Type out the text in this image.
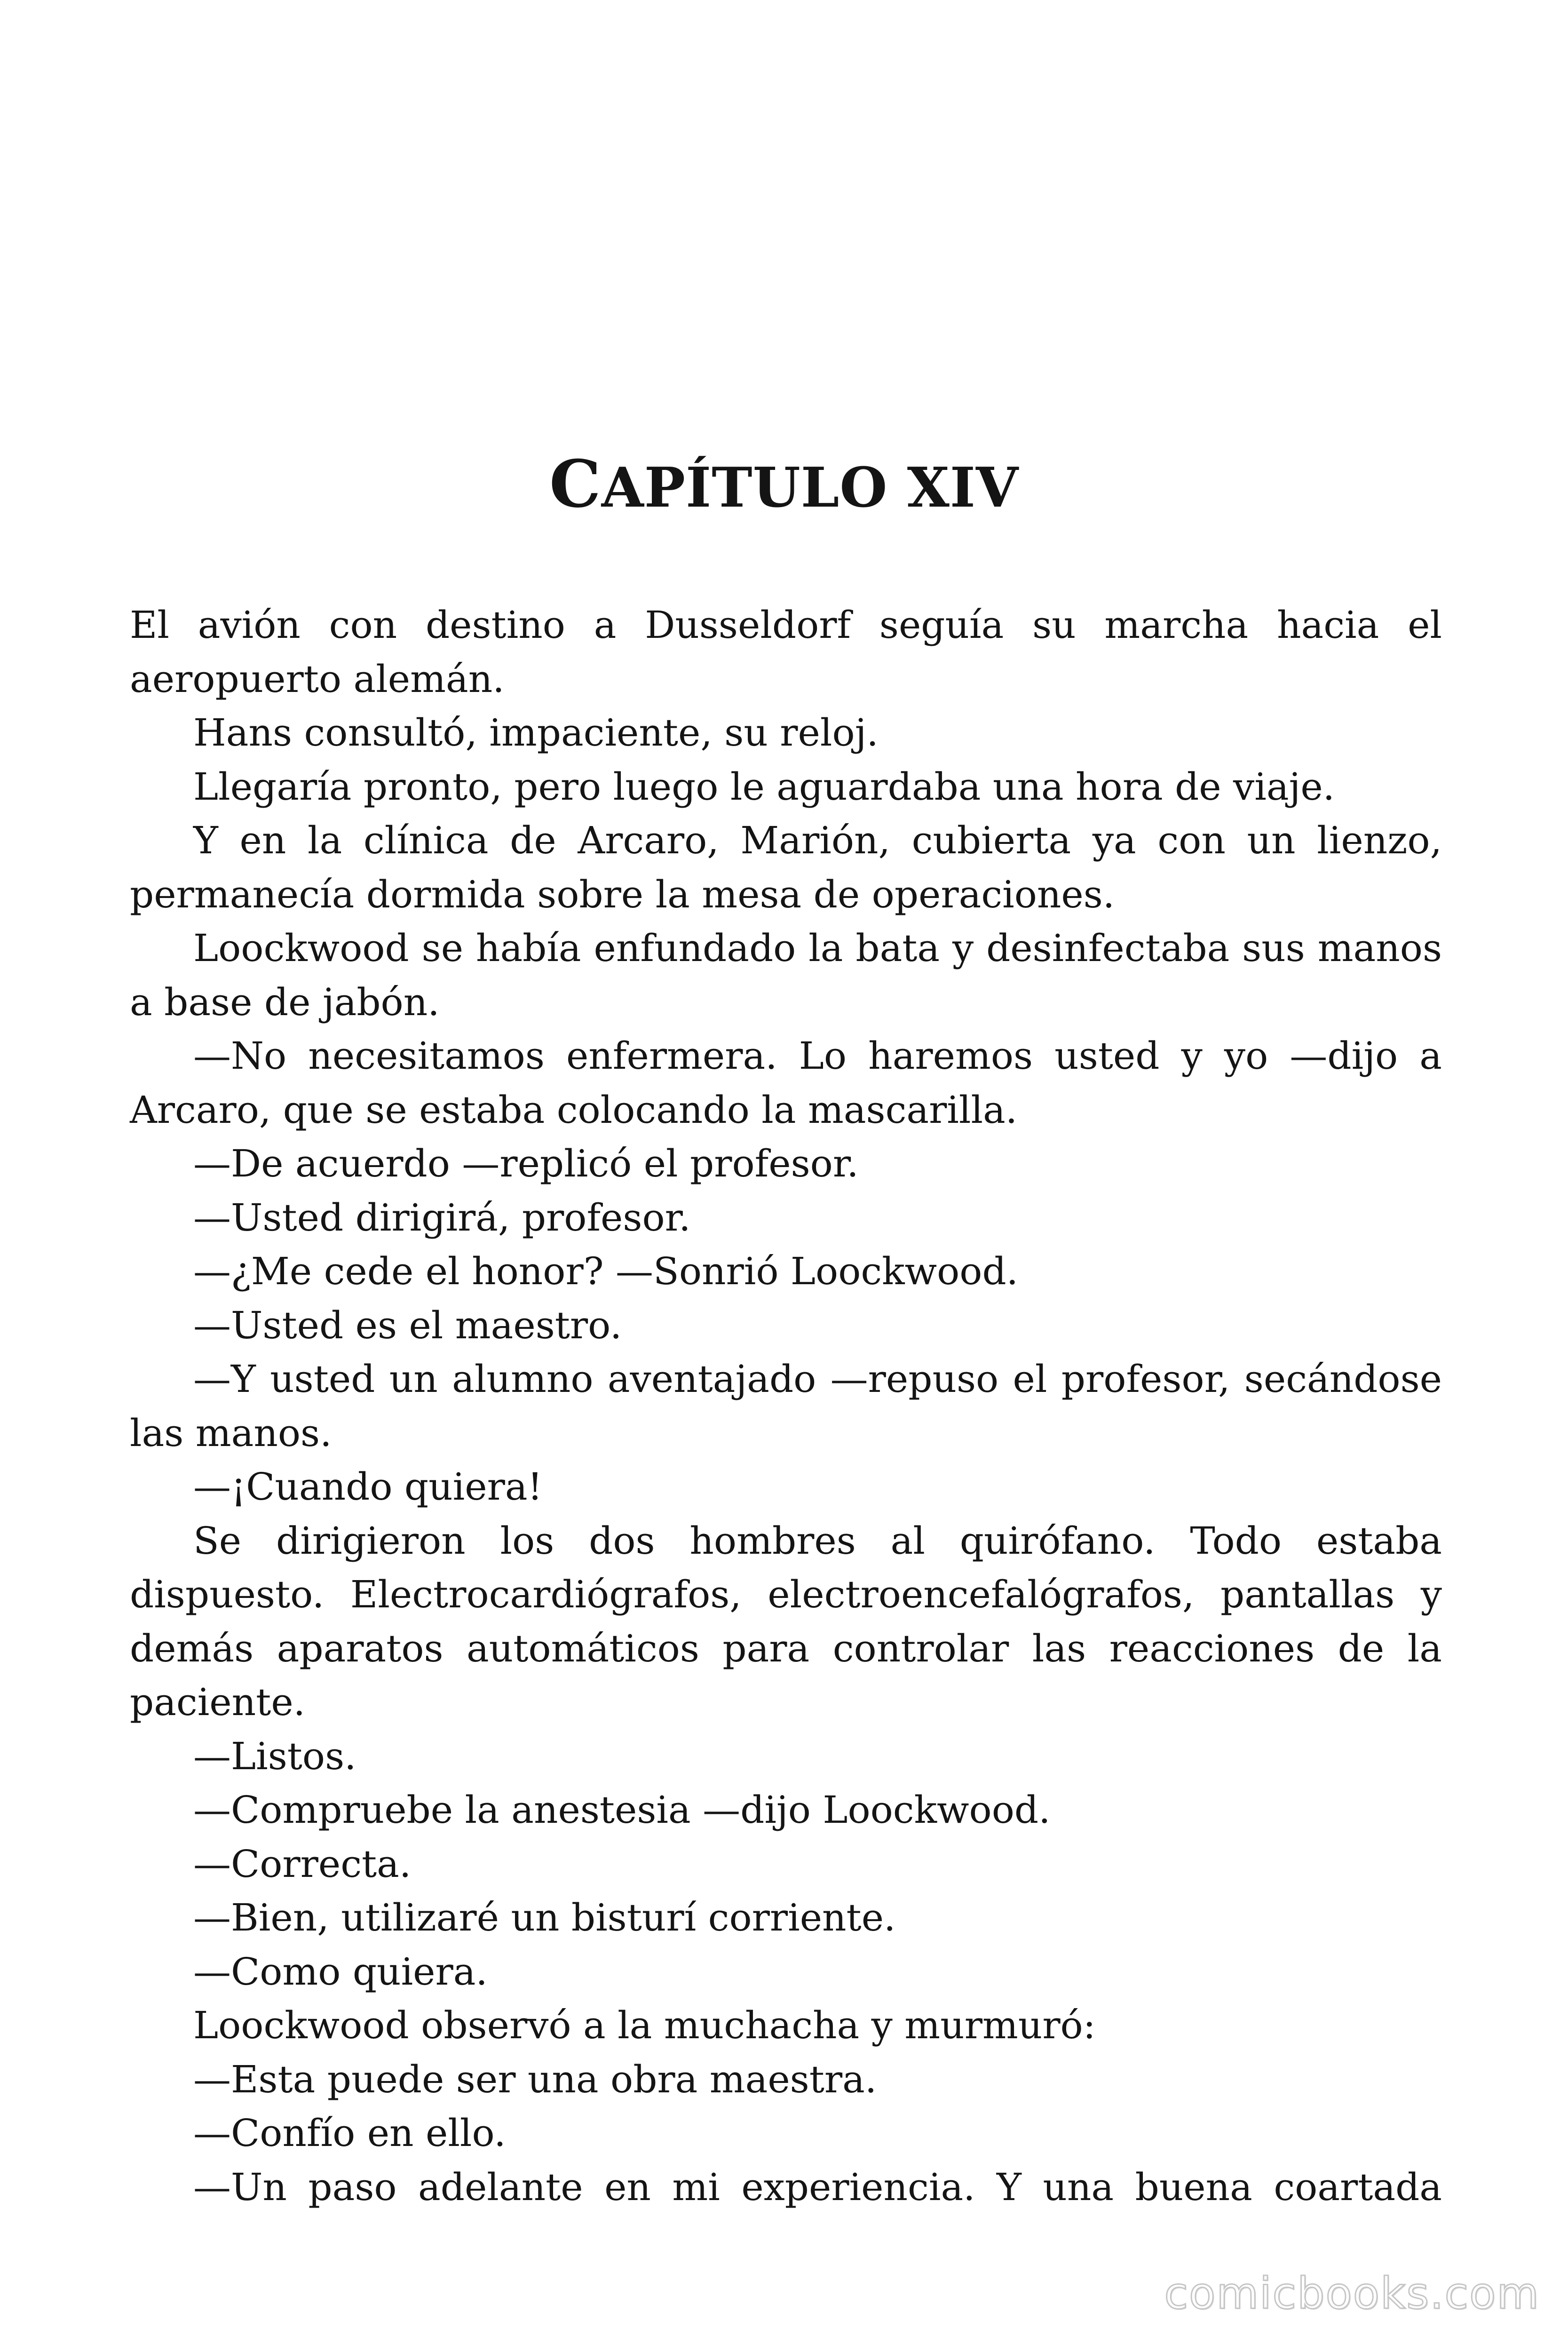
CAPÍTULO XIV

El avión con destino a Dusseldorf seguía su marcha hacia el aeropuerto alemán.

Hans consultó, impaciente, su reloj.

Llegaría pronto, pero luego le aguardaba una hora de viaje.

Y en la clínica de Arcaro, Marión, cubierta ya con un lienzo, permanecía dormida sobre la mesa de operaciones.

Loockwood se había enfundado la bata y desinfectaba sus manos a base de jabón.

—No necesitamos enfermera. Lo haremos usted y yo —dijo a Arcaro, que se estaba colocando la mascarilla.

—De acuerdo —replicó el profesor.

—Usted dirigirá, profesor.

—¿Me cede el honor? —Sonrió Loockwood.

—Usted es el maestro.

—Y usted un alumno aventajado —repuso el profesor, secándose las manos.

—¡Cuando quiera!

Se dirigieron los dos hombres al quirófano. Todo estaba dispuesto. Electrocardiógrafos, electroencefalógrafos, pantallas y demás aparatos automáticos para controlar las reacciones de la paciente.

—Listos.

—Compruebe la anestesia —dijo Loockwood.

—Correcta.

—Bien, utilizaré un bisturí corriente.

—Como quiera.

Loockwood observó a la muchacha y murmuró:

—Esta puede ser una obra maestra.

—Confío en ello.

—Un paso adelante en mi experiencia. Y una buena coartada

comicbooks.com
